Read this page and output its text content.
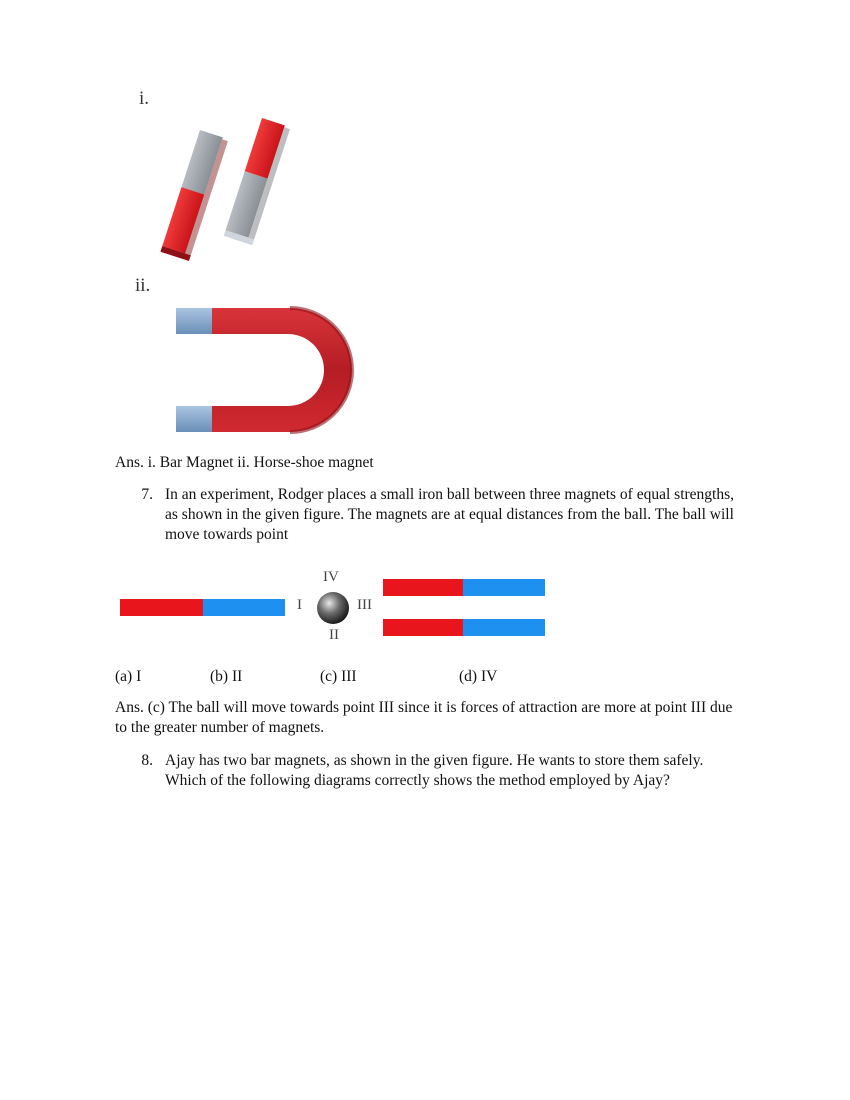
i.
ii.
Ans. i. Bar Magnet ii. Horse-shoe magnet
7. In an experiment, Rodger places a small iron ball between three magnets of equal strengths, as shown in the given figure. The magnets are at equal distances from the ball. The ball will move towards point
I
IV
III
II
(a) I	(b) II	(c) III	(d) IV
Ans. (c) The ball will move towards point III since it is forces of attraction are more at point III due to the greater number of magnets.
8. Ajay has two bar magnets, as shown in the given figure. He wants to store them safely. Which of the following diagrams correctly shows the method employed by Ajay?
